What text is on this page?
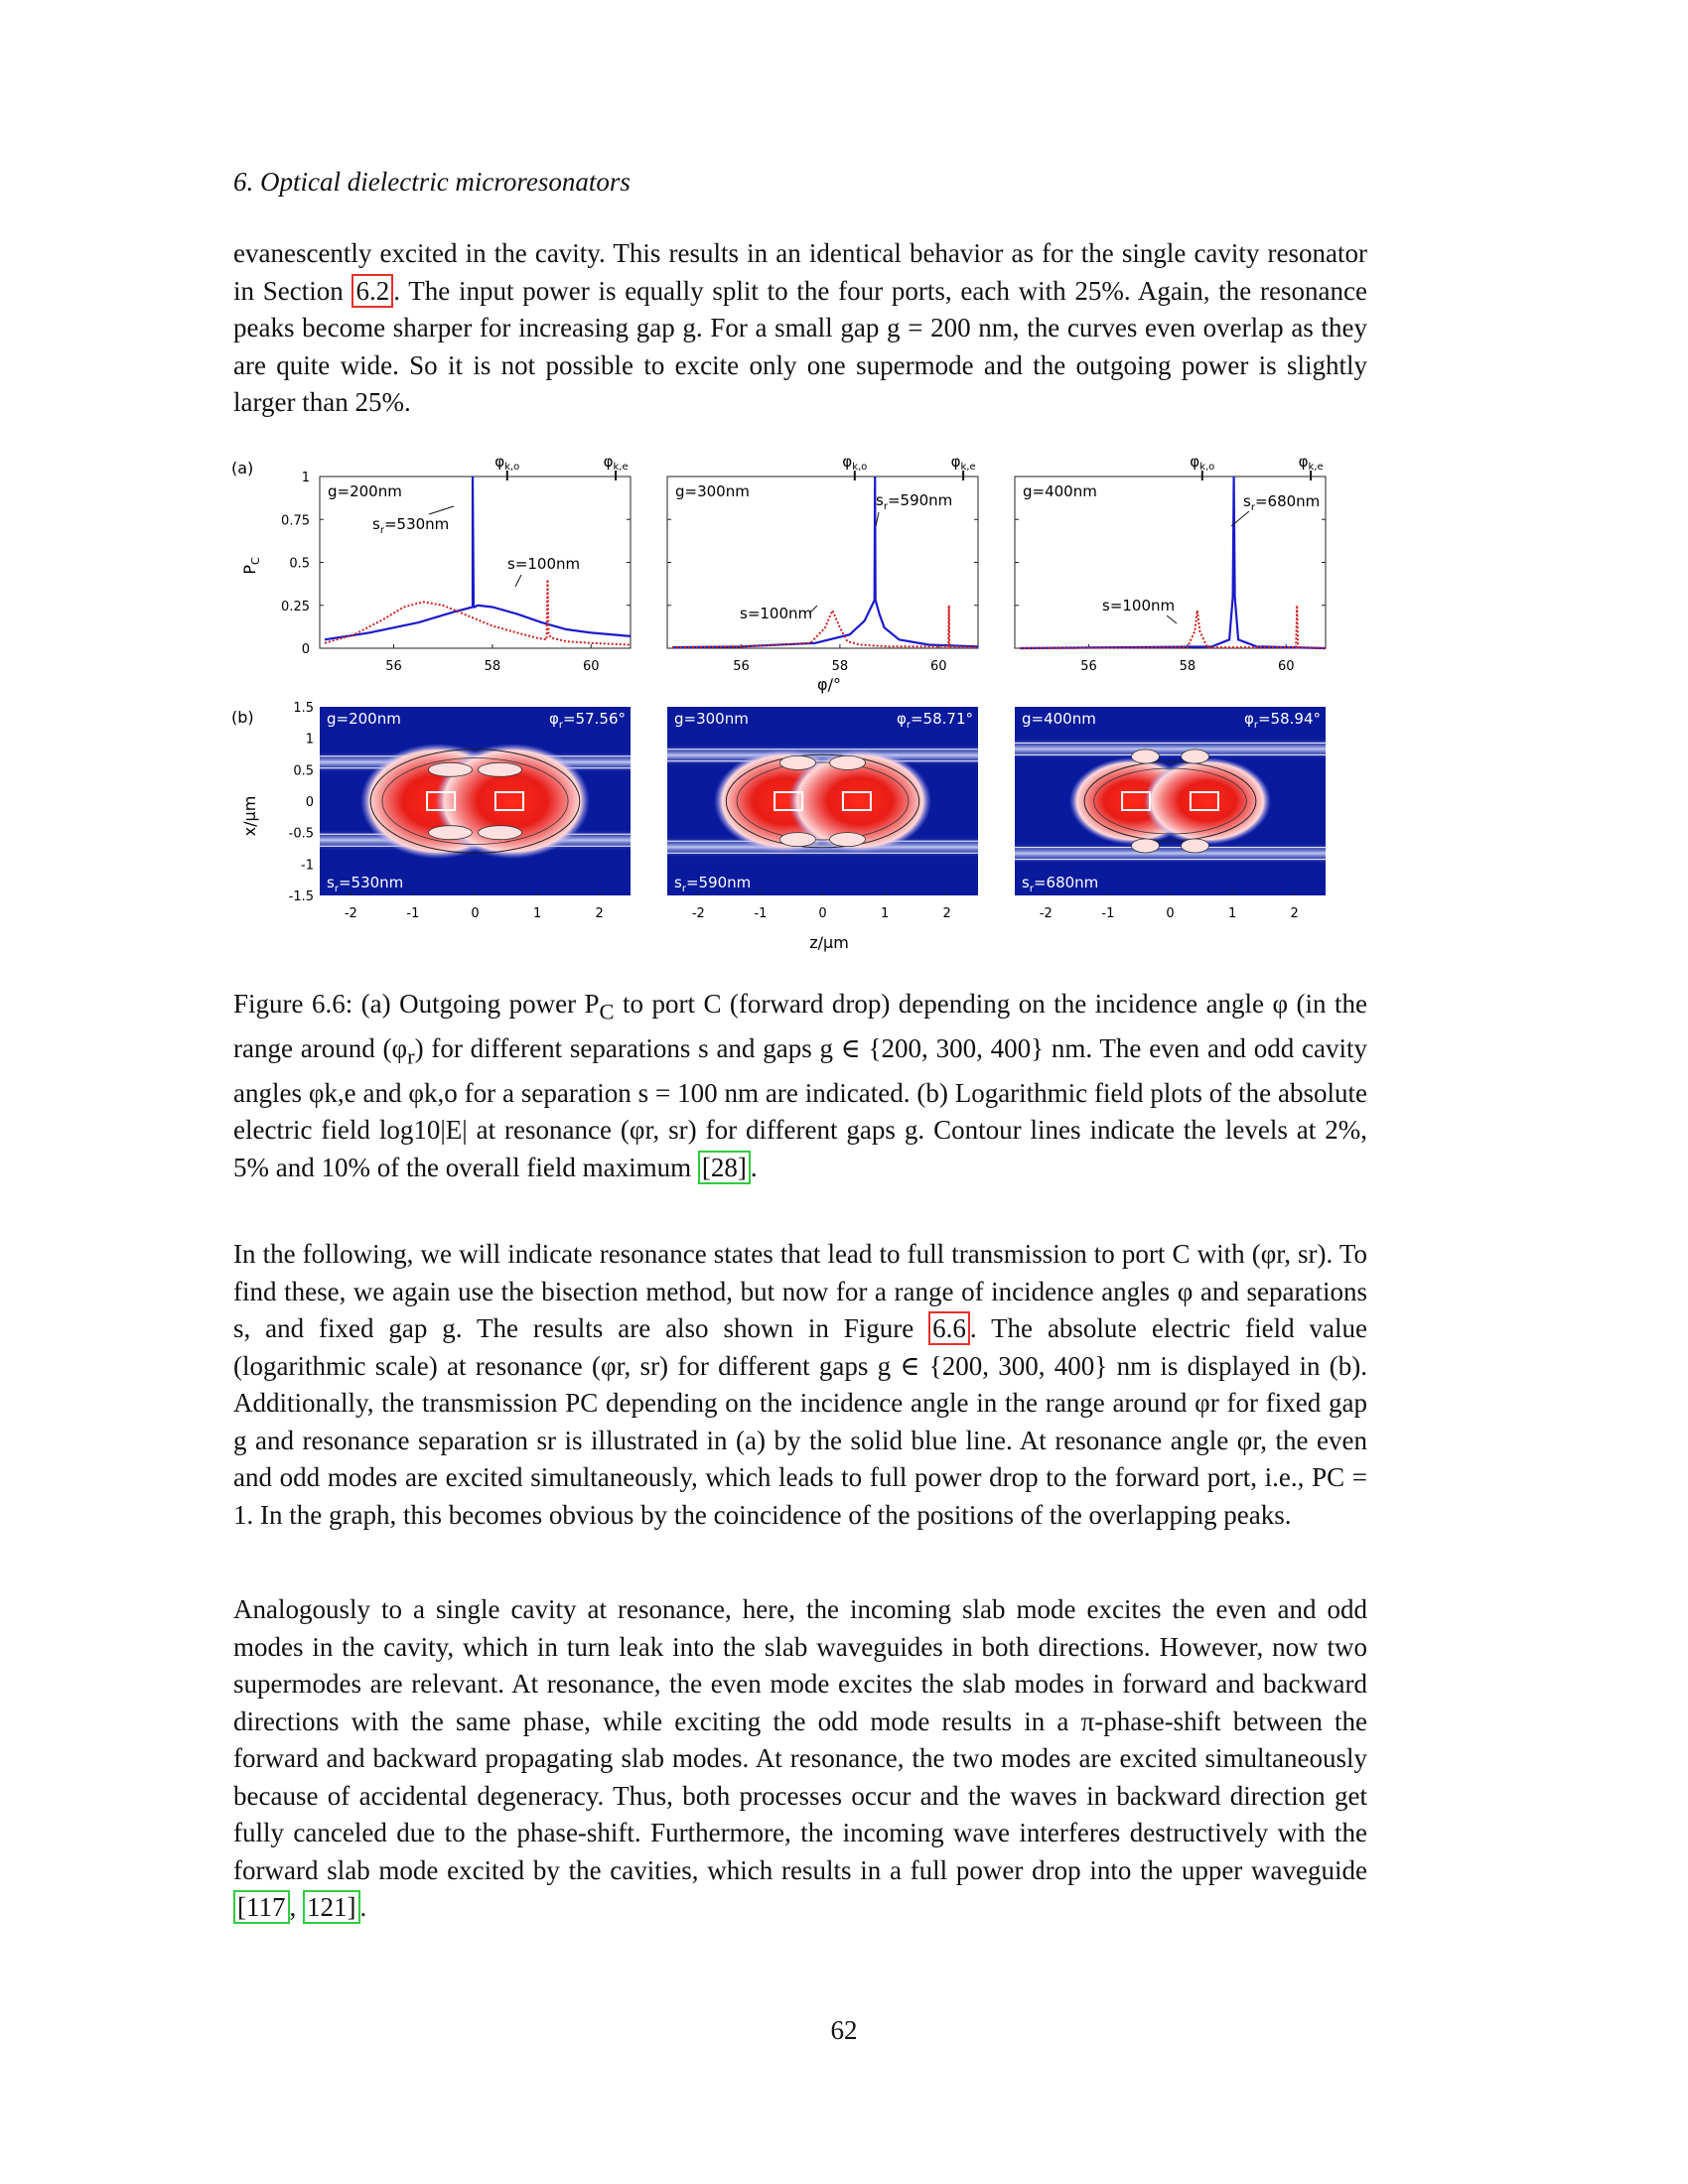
6. Optical dielectric microresonators

evanescently excited in the cavity. This results in an identical behavior as for the single cavity resonator in Section 6.2 . The input power is equally split to the four ports, each with 25%. Again, the resonance peaks become sharper for increasing gap g. For a small gap g = 200 nm, the curves even overlap as they are quite wide. So it is not possible to excite only one supermode and the outgoing power is slightly larger than 25%.

(a)
(b)
$P_C$
x/μm
φ/°
z/μm
1
0.75
0.5
0.25
0
56	58	60
$\varphi_{k,o}$	$\varphi_{k,e}$
g=200nm
$s_r=530nm$
s=100nm
56	58	60
$\varphi_{k,o}$	$\varphi_{k,e}$
g=300nm	$s_r=590nm$
s=100nm
56	58	60
$\varphi_{k,o}$	$\varphi_{k,e}$
g=400nm
$s_r=680nm$
s=100nm
-2	-1	0	1	2
1.5
1
0.5
0
-0.5
-1
-1.5
g=200nm	$\varphi_r=57.56^\circ$
$s_r=530nm$
-2	-1	0	1	2
g=300nm	$\varphi_r=58.71^\circ$
$s_r=590nm$
-2	-1	0	1	2
g=400nm	$\varphi_r=58.94^\circ$
$s_r=680nm$

Figure 6.6: (a) Outgoing power $P_C$ to port C (forward drop) depending on the incidence angle φ (in the range around $(\varphi_r)$ for different separations s and gaps g ∈ {200, 300, 400} nm. The even and odd cavity angles φk,e and φk,o for a separation s = 100 nm are indicated. (b) Logarithmic field plots of the absolute electric field log10|E| at resonance (φr, sr) for different gaps g. Contour lines indicate the levels at 2%, 5% and 10% of the overall field maximum [28] .

In the following, we will indicate resonance states that lead to full transmission to port C with (φr, sr). To find these, we again use the bisection method, but now for a range of incidence angles φ and separations s, and fixed gap g. The results are also shown in Figure 6.6 . The absolute electric field value (logarithmic scale) at resonance (φr, sr) for different gaps g ∈ {200, 300, 400} nm is displayed in (b). Additionally, the transmission PC depending on the incidence angle in the range around φr for fixed gap g and resonance separation sr is illustrated in (a) by the solid blue line. At resonance angle φr, the even and odd modes are excited simultaneously, which leads to full power drop to the forward port, i.e., PC = 1. In the graph, this becomes obvious by the coincidence of the positions of the overlapping peaks.

Analogously to a single cavity at resonance, here, the incoming slab mode excites the even and odd modes in the cavity, which in turn leak into the slab waveguides in both directions. However, now two supermodes are relevant. At resonance, the even mode excites the slab modes in forward and backward directions with the same phase, while exciting the odd mode results in a π-phase-shift between the forward and backward propagating slab modes. At resonance, the two modes are excited simultaneously because of accidental degeneracy. Thus, both processes occur and the waves in backward direction get fully canceled due to the phase-shift. Furthermore, the incoming wave interferes destructively with the forward slab mode excited by the cavities, which results in a full power drop into the upper waveguide [117 , 121] .

62
